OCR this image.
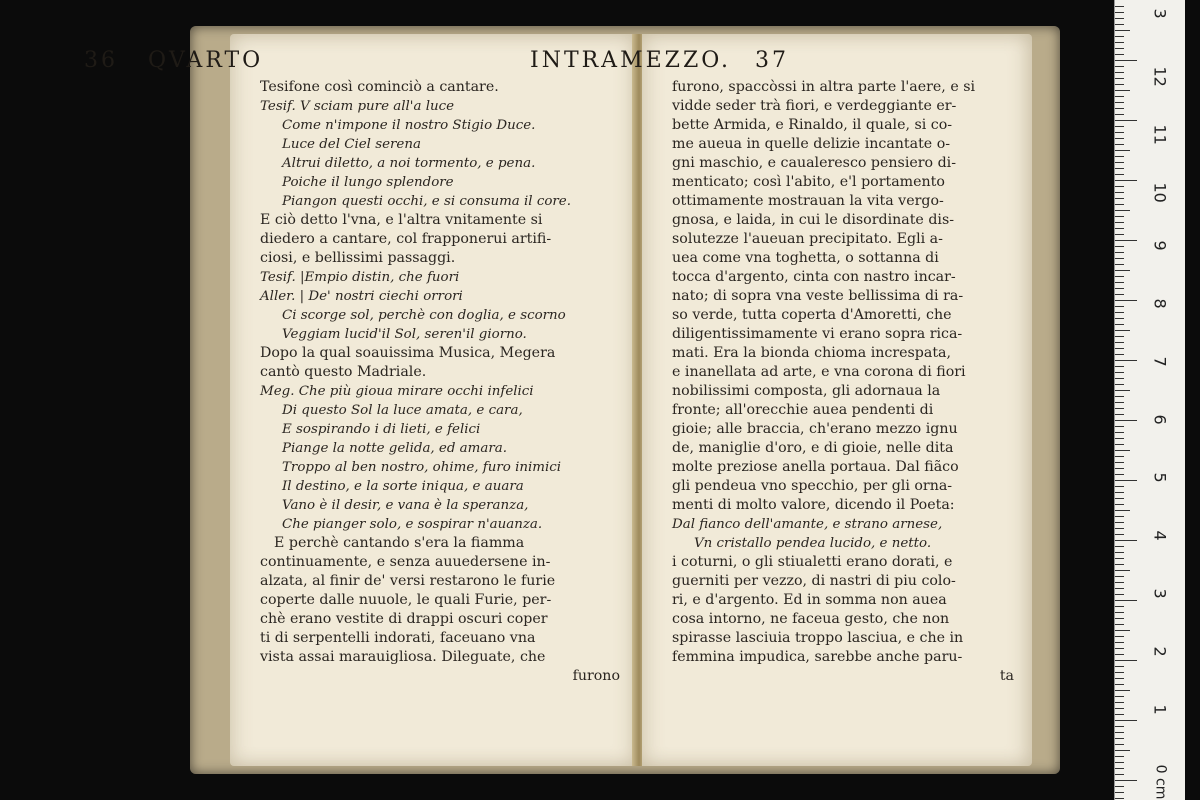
Tesifone così cominciò a cantare.
Tesif. V sciam pure all'a luce
Come n'impone il nostro Stigio Duce.
Luce del Ciel serena
Altrui diletto, a noi tormento, e pena.
Poiche il lungo splendore
Piangon questi occhi, e si consuma il core.
E ciò detto l'vna, e l'altra vnitamente si
diedero a cantare, col frapponerui artifi-
ciosi, e bellissimi passaggi.
Tesif. |Empio distin, che fuori
Aller. | De' nostri ciechi orrori
Ci scorge sol, perchè con doglia, e scorno
Veggiam lucid'il Sol, seren'il giorno.
Dopo la qual soauissima Musica, Megera
cantò questo Madriale.
Meg. Che più gioua mirare occhi infelici
Di questo Sol la luce amata, e cara,
E sospirando i di lieti, e felici
Piange la notte gelida, ed amara.
Troppo al ben nostro, ohime, furo inimici
Il destino, e la sorte iniqua, e auara
Vano è il desir, e vana è la speranza,
Che pianger solo, e sospirar n'auanza.
E perchè cantando s'era la fiamma
continuamente, e senza auuedersene in-
alzata, al finir de' versi restarono le furie
coperte dalle nuuole, le quali Furie, per-
chè erano vestite di drappi oscuri coper
ti di serpentelli indorati, faceuano vna
vista assai marauigliosa. Dileguate, che
furono
furono, spaccòssi in altra parte l'aere, e si
vidde seder trà fiori, e verdeggiante er-
bette Armida, e Rinaldo, il quale, si co-
me aueua in quelle delizie incantate o-
gni maschio, e caualeresco pensiero di-
menticato; così l'abito, e'l portamento
ottimamente mostrauan la vita vergo-
gnosa, e laida, in cui le disordinate dis-
solutezze l'aueuan precipitato. Egli a-
uea come vna toghetta, o sottanna di
tocca d'argento, cinta con nastro incar-
nato; di sopra vna veste bellissima di ra-
so verde, tutta coperta d'Amoretti, che
diligentissimamente vi erano sopra rica-
mati. Era la bionda chioma increspata,
e inanellata ad arte, e vna corona di fiori
nobilissimi composta, gli adornaua la
fronte; all'orecchie auea pendenti di
gioie; alle braccia, ch'erano mezzo ignu
de, maniglie d'oro, e di gioie, nelle dita
molte preziose anella portaua. Dal fiãco
gli pendeua vno specchio, per gli orna-
menti di molto valore, dicendo il Poeta:
Dal fianco dell'amante, e strano arnese,
Vn cristallo pendea lucido, e netto.
i coturni, o gli stiualetti erano dorati, e
guerniti per vezzo, di nastri di piu colo-
ri, e d'argento. Ed in somma non auea
cosa intorno, ne faceua gesto, che non
spirasse lasciuia troppo lasciua, e che in
femmina impudica, sarebbe anche paru-
ta
36 QVARTO	INTRAMEZZO. 37
0 cm
3
12
11
10
9
8
7
6
5
4
3
2
1
